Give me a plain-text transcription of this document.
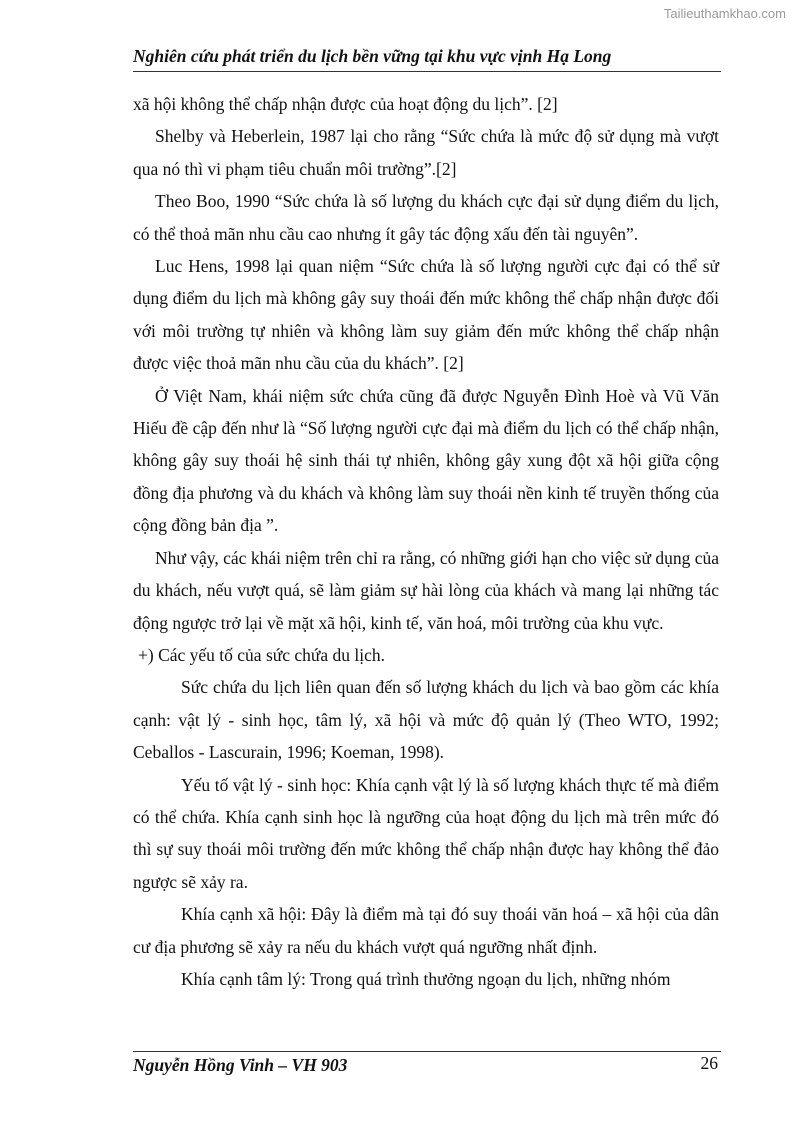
Tailieuthamkhao.com
Nghiên cứu phát triển du lịch bền vững tại khu vực vịnh Hạ Long

xã hội không thể chấp nhận được của hoạt động du lịch”. [2]

Shelby và Heberlein, 1987 lại cho rằng “Sức chứa là mức độ sử dụng mà vượt qua nó thì vi phạm tiêu chuẩn môi trường”.[2]

Theo Boo, 1990 “Sức chứa là số lượng du khách cực đại sử dụng điểm du lịch, có thể thoả mãn nhu cầu cao nhưng ít gây tác động xấu đến tài nguyên”.

Luc Hens, 1998 lại quan niệm “Sức chứa là số lượng người cực đại có thể sử dụng điểm du lịch mà không gây suy thoái đến mức không thể chấp nhận được đối với môi trường tự nhiên và không làm suy giảm đến mức không thể chấp nhận được việc thoả mãn nhu cầu của du khách”. [2]

Ở Việt Nam, khái niệm sức chứa cũng đã được Nguyễn Đình Hoè và Vũ Văn Hiếu đề cập đến như là “Số lượng người cực đại mà điểm du lịch có thể chấp nhận, không gây suy thoái hệ sinh thái tự nhiên, không gây xung đột xã hội giữa cộng đồng địa phương và du khách và không làm suy thoái nền kinh tế truyền thống của cộng đồng bản địa ”.

Như vậy, các khái niệm trên chỉ ra rằng, có những giới hạn cho việc sử dụng của du khách, nếu vượt quá, sẽ làm giảm sự hài lòng của khách và mang lại những tác động ngược trở lại về mặt xã hội, kinh tế, văn hoá, môi trường của khu vực.

+) Các yếu tố của sức chứa du lịch.

Sức chứa du lịch liên quan đến số lượng khách du lịch và bao gồm các khía cạnh: vật lý - sinh học, tâm lý, xã hội và mức độ quản lý (Theo WTO, 1992; Ceballos - Lascurain, 1996; Koeman, 1998).

Yếu tố vật lý - sinh học: Khía cạnh vật lý là số lượng khách thực tế mà điểm có thể chứa. Khía cạnh sinh học là ngưỡng của hoạt động du lịch mà trên mức đó thì sự suy thoái môi trường đến mức không thể chấp nhận được hay không thể đảo ngược sẽ xảy ra.

Khía cạnh xã hội: Đây là điểm mà tại đó suy thoái văn hoá – xã hội của dân cư địa phương sẽ xảy ra nếu du khách vượt quá ngưỡng nhất định.

Khía cạnh tâm lý: Trong quá trình thưởng ngoạn du lịch, những nhóm

Nguyễn Hồng Vinh – VH 903	26
